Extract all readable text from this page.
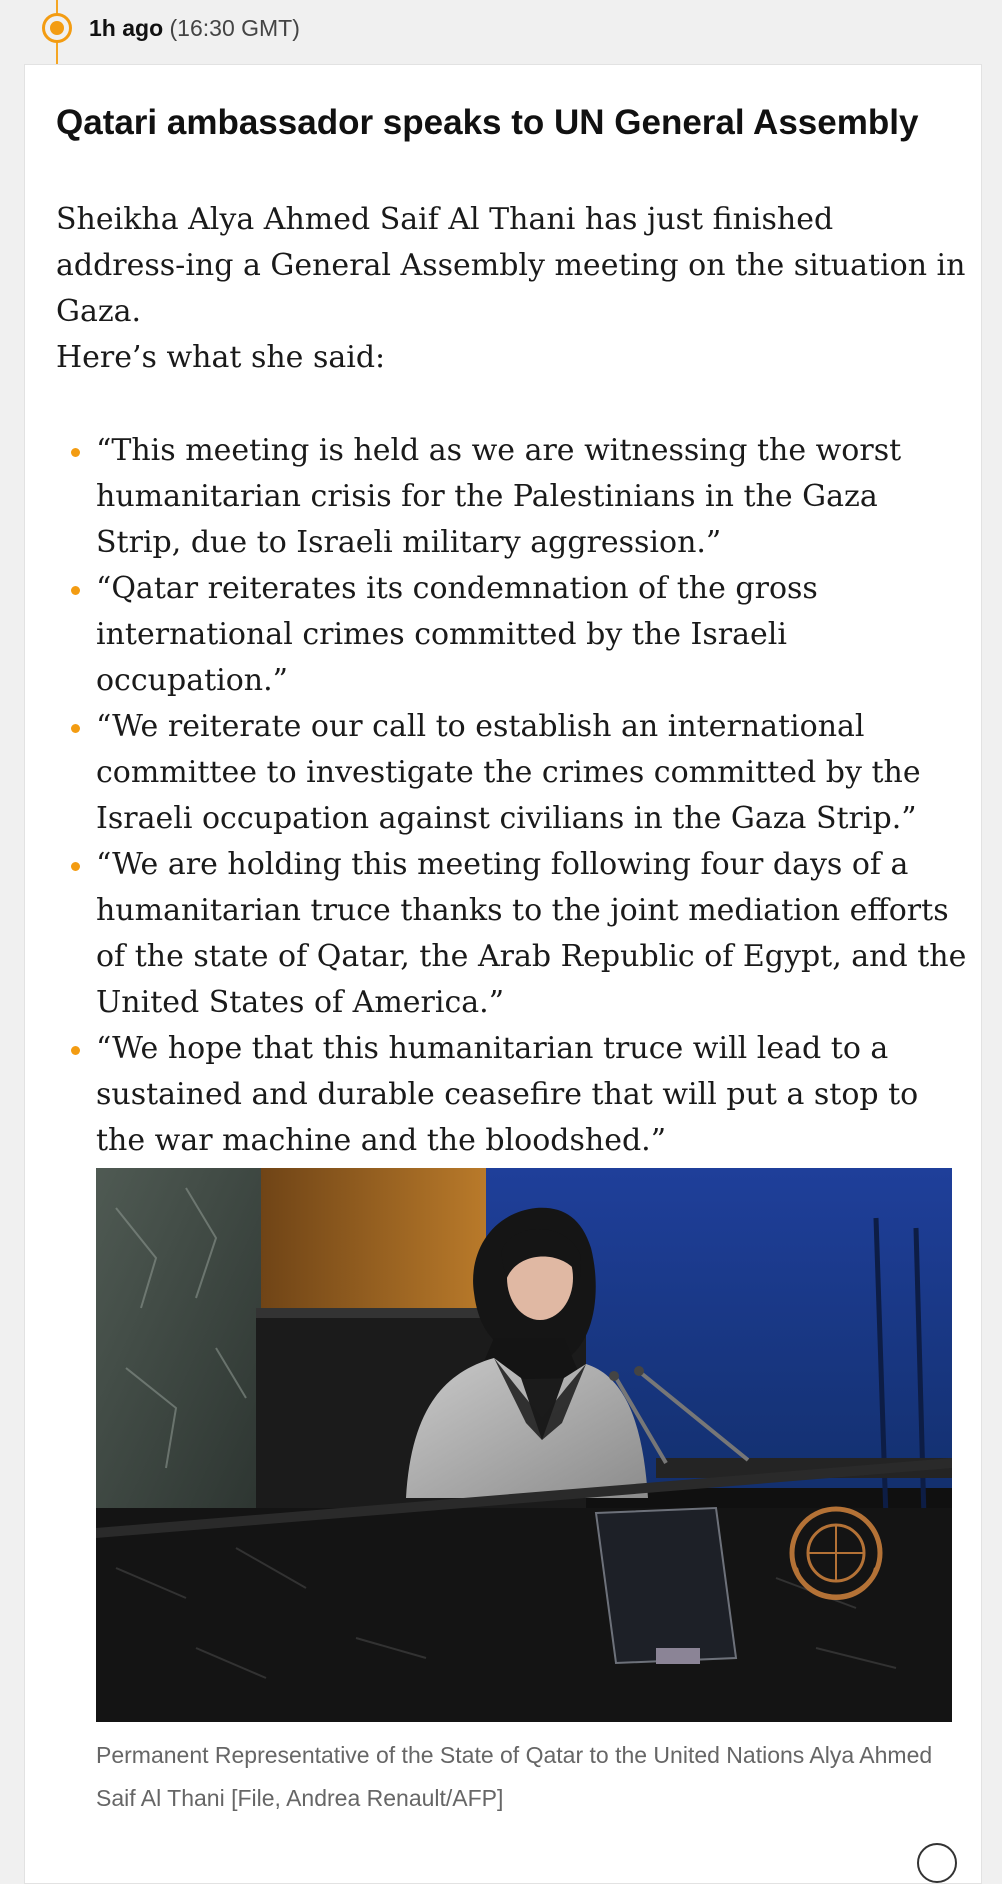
1h ago (16:30 GMT)
Qatari ambassador speaks to UN General Assembly

Sheikha Alya Ahmed Saif Al Thani has just finished address-ing a General Assembly meeting on the situation in Gaza.

Here’s what she said:

“This meeting is held as we are witnessing the worst humanitarian crisis for the Palestinians in the Gaza Strip, due to Israeli military aggression.”
“Qatar reiterates its condemnation of the gross international crimes committed by the Israeli occupation.”
“We reiterate our call to establish an international committee to investigate the crimes committed by the Israeli occupation against civilians in the Gaza Strip.”
“We are holding this meeting following four days of a humanitarian truce thanks to the joint mediation efforts of the state of Qatar, the Arab Republic of Egypt, and the United States of America.”
“We hope that this humanitarian truce will lead to a sustained and durable ceasefire that will put a stop to the war machine and the bloodshed.”

Permanent Representative of the State of Qatar to the United Nations Alya Ahmed Saif Al Thani [File, Andrea Renault/AFP]
